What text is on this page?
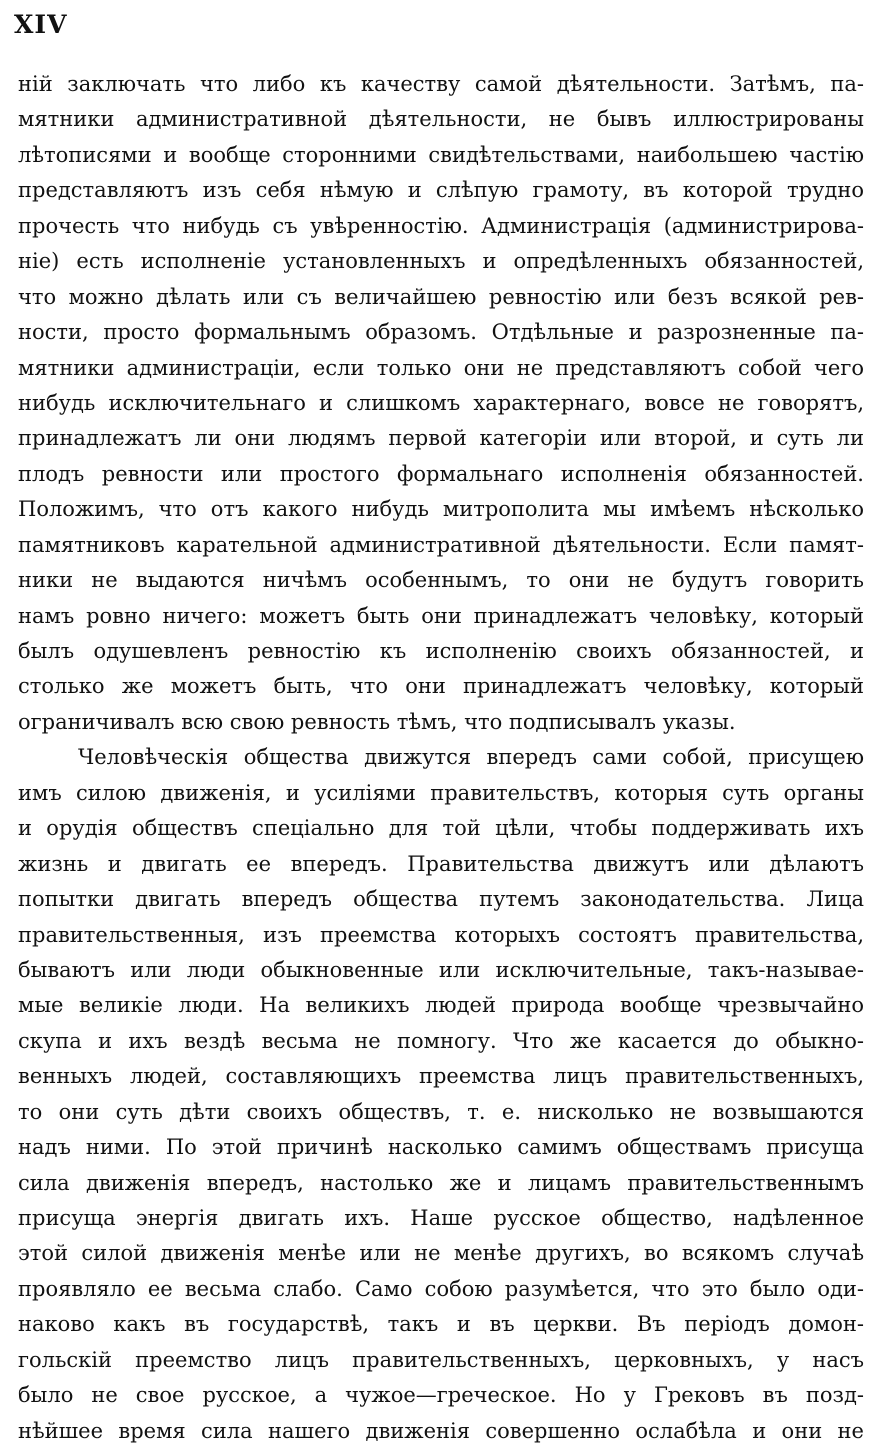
XIV
нiй заключать что либо къ качеству самой дѣятельности. Затѣмъ, па-
мятники административной дѣятельности, не бывъ иллюстрированы
лѣтописями и вообще сторонними свидѣтельствами, наибольшею частiю
представляютъ изъ себя нѣмую и слѣпую грамоту, въ которой трудно
прочесть что нибудь съ увѣренностiю. Администрацiя (администрирова-
нiе) есть исполненiе установленныхъ и опредѣленныхъ обязанностей,
что можно дѣлать или съ величайшею ревностiю или безъ всякой рев-
ности, просто формальнымъ образомъ. Отдѣльные и разрозненные па-
мятники администрацiи, если только они не представляютъ собой чего
нибудь исключительнаго и слишкомъ характернаго, вовсе не говорятъ,
принадлежатъ ли они людямъ первой категорiи или второй, и суть ли
плодъ ревности или простого формальнаго исполненiя обязанностей.
Положимъ, что отъ какого нибудь митрополита мы имѣемъ нѣсколько
памятниковъ карательной административной дѣятельности. Если памят-
ники не выдаются ничѣмъ особеннымъ, то они не будутъ говорить
намъ ровно ничего: можетъ быть они принадлежатъ человѣку, который
былъ одушевленъ ревностiю къ исполненiю своихъ обязанностей, и
столько же можетъ быть, что они принадлежатъ человѣку, который
ограничивалъ всю свою ревность тѣмъ, что подписывалъ указы.
Человѣческiя общества движутся впередъ сами собой, присущею
имъ силою движенiя, и усилiями правительствъ, которыя суть органы
и орудiя обществъ спецiально для той цѣли, чтобы поддерживать ихъ
жизнь и двигать ее впередъ. Правительства движутъ или дѣлаютъ
попытки двигать впередъ общества путемъ законодательства. Лица
правительственныя, изъ преемства которыхъ состоятъ правительства,
бываютъ или люди обыкновенные или исключительные, такъ-называе-
мые великiе люди. На великихъ людей природа вообще чрезвычайно
скупа и ихъ вездѣ весьма не помногу. Что же касается до обыкно-
венныхъ людей, составляющихъ преемства лицъ правительственныхъ,
то они суть дѣти своихъ обществъ, т. е. нисколько не возвышаются
надъ ними. По этой причинѣ насколько самимъ обществамъ присуща
сила движенiя впередъ, настолько же и лицамъ правительственнымъ
присуща энергiя двигать ихъ. Наше русское общество, надѣленное
этой силой движенiя менѣе или не менѣе другихъ, во всякомъ случаѣ
проявляло ее весьма слабо. Само собою разумѣется, что это было оди-
наково какъ въ государствѣ, такъ и въ церкви. Въ перiодъ домон-
гольскiй преемство лицъ правительственныхъ, церковныхъ, у насъ
было не свое русское, а чужое—греческое. Но у Грековъ въ позд-
нѣйшее время сила нашего движенiя совершенно ослабѣла и они не
